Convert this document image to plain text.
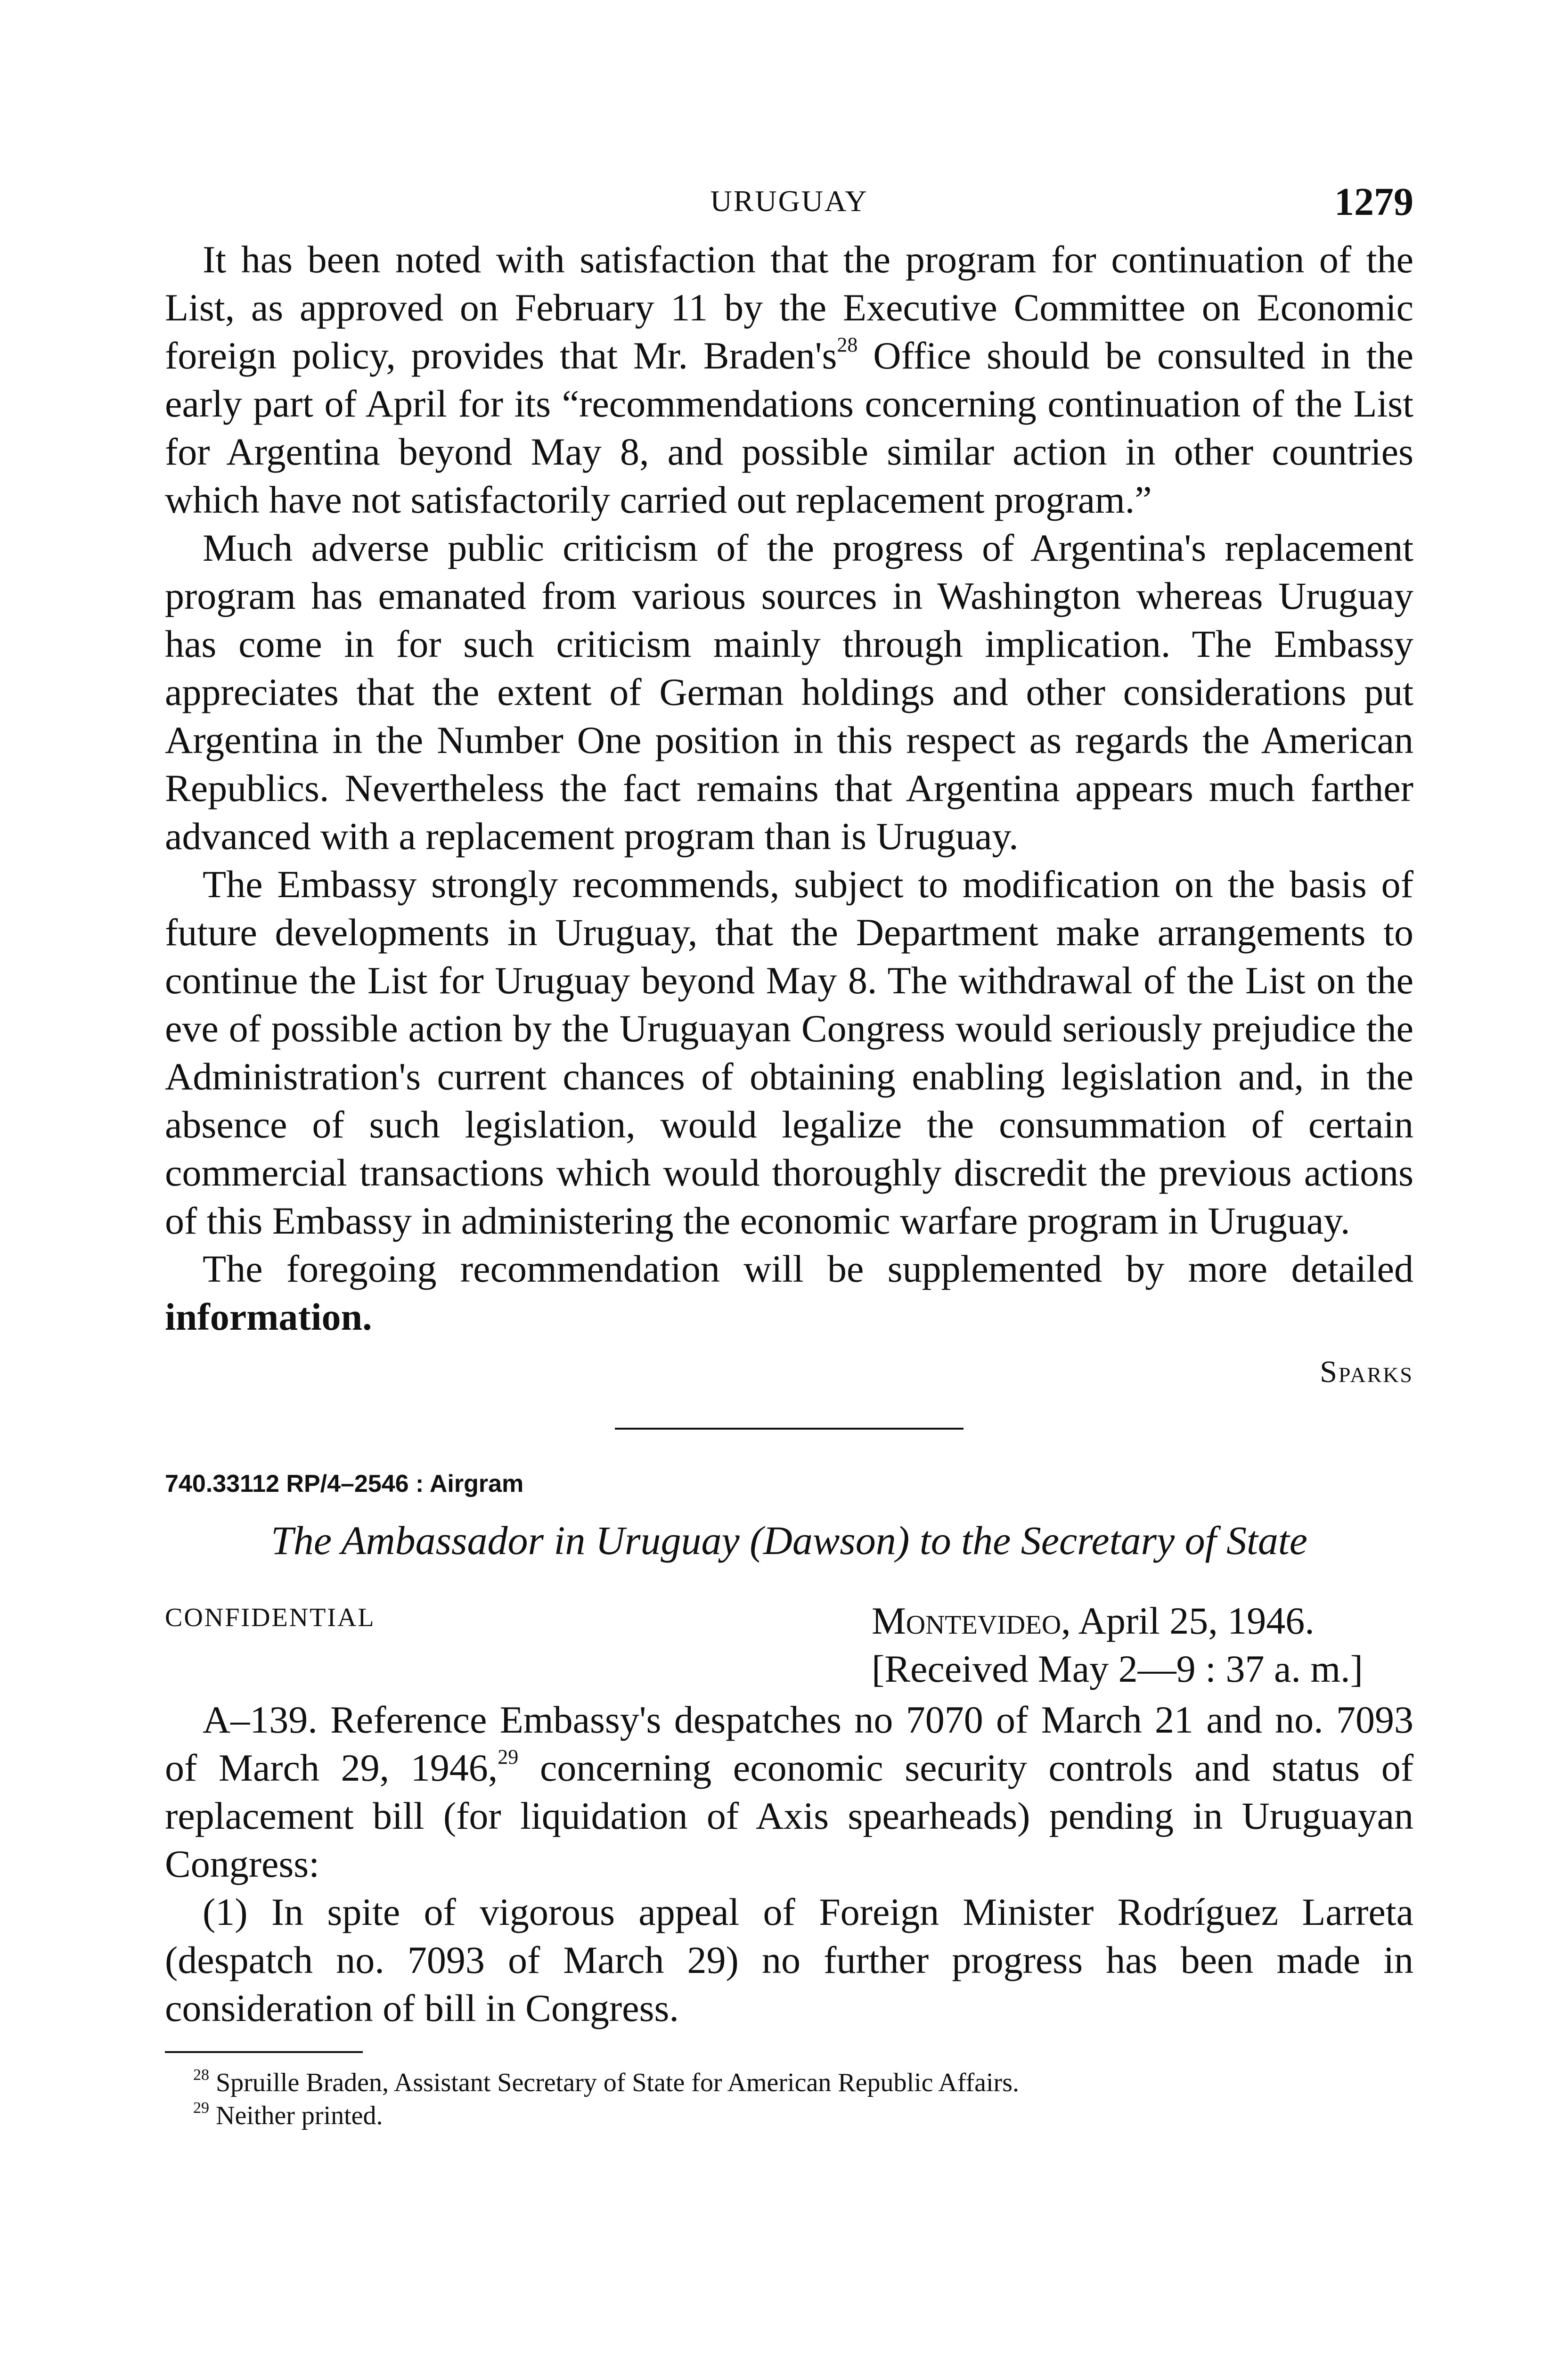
URUGUAY	1279

It has been noted with satisfaction that the program for continuation of the List, as approved on February 11 by the Executive Committee on Economic foreign policy, provides that Mr. $Braden's^{28}$ Office should be consulted in the early part of April for its “recommendations concerning continuation of the List for Argentina beyond May 8, and possible similar action in other countries which have not satisfactorily carried out replacement program.”

Much adverse public criticism of the progress of Argentina's replacement program has emanated from various sources in Washington whereas Uruguay has come in for such criticism mainly through implication. The Embassy appreciates that the extent of German holdings and other considerations put Argentina in the Number One position in this respect as regards the American Republics. Nevertheless the fact remains that Argentina appears much farther advanced with a replacement program than is Uruguay.

The Embassy strongly recommends, subject to modification on the basis of future developments in Uruguay, that the Department make arrangements to continue the List for Uruguay beyond May 8. The withdrawal of the List on the eve of possible action by the Uruguayan Congress would seriously prejudice the Administration's current chances of obtaining enabling legislation and, in the absence of such legislation, would legalize the consummation of certain commercial transactions which would thoroughly discredit the previous actions of this Embassy in administering the economic warfare program in Uruguay.

The foregoing recommendation will be supplemented by more detailed information.

Sparks
740.33112 RP/4–2546 : Airgram
The Ambassador in Uruguay (Dawson) to the Secretary of State
CONFIDENTIAL	Montevideo, April 25, 1946.
[Received May 2—9 : 37 a. m.]

A–139. Reference Embassy's despatches no 7070 of March 21 and no. 7093 of March 29, 1946,29 concerning economic security controls and status of replacement bill (for liquidation of Axis spearheads) pending in Uruguayan Congress:

(1) In spite of vigorous appeal of Foreign Minister Rodríguez Larreta (despatch no. 7093 of March 29) no further progress has been made in consideration of bill in Congress.

$^{28}$ Spruille Braden, Assistant Secretary of State for American Republic Affairs.

$^{29}$ Neither printed.
